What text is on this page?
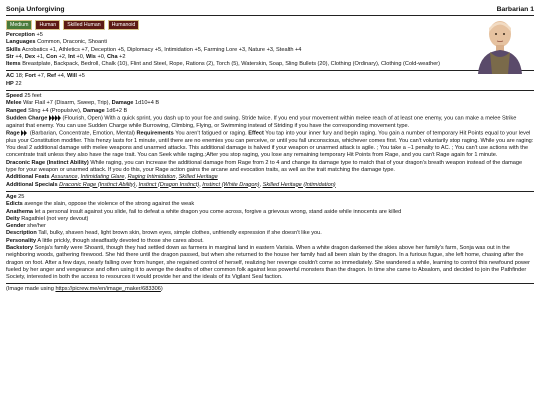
Sonja Unforgiving	Barbarian 1
Medium	Human	Skilled Human	Humanoid

Perception +5

Languages Common, Draconic, Shoanti

Skills Acrobatics +1, Athletics +7, Deception +5, Diplomacy +5, Intimidation +5, Farming Lore +3, Nature +3, Stealth +4

Str +4, Dex +1, Con +2, Int +0, Wis +0, Cha +2

Items Breastplate, Backpack, Bedroll, Chalk (10), Flint and Steel, Rope, Rations (2), Torch (5), Waterskin, Soap, Sling Bullets (20), Clothing (Ordinary), Clothing (Cold-weather)

AC 18; Fort +7, Ref +4, Will +5

HP 22

Speed 25 feet

Melee War Flail +7 (Disarm, Sweep, Trip), Damage 1d10+4 B

Ranged Sling +4 (Propulsive), Damage 1d6+2 B

Sudden Charge	(Flourish, Open) With a quick sprint, you dash up to your foe and swing. Stride twice. If you end your movement within melee reach of at least one enemy, you can make a melee Strike against that enemy. You can use Sudden Charge while Burrowing, Climbing, Flying, or Swimming instead of Striding if you have the corresponding movement type.

Rage (Barbarian, Concentrate, Emotion, Mental) Requirements You aren't fatigued or raging. Effect You tap into your inner fury and begin raging. You gain a number of temporary Hit Points equal to your level plus your Constitution modifier. This frenzy lasts for 1 minute, until there are no enemies you can perceive, or until you fall unconscious, whichever comes first. You can't voluntarily stop raging. While you are raging: You deal 2 additional damage with melee weapons and unarmed attacks. This additional damage is halved if your weapon or unarmed attack is agile. ; You take a −1 penalty to AC. ; You can't use actions with the concentrate trait unless they also have the rage trait. You can Seek while raging.;After you stop raging, you lose any remaining temporary Hit Points from Rage, and you can't Rage again for 1 minute.

Draconic Rage (Instinct Ability) While raging, you can increase the additional damage from Rage from 2 to 4 and change its damage type to match that of your dragon's breath weapon instead of the damage type for your weapon or unarmed attack. If you do this, your Rage action gains the arcane and evocation traits, as well as the trait matching the damage type.

Additional Feats Assurance, Intimidating Glare, Raging Intimidation, Skilled Heritage

Additional Specials Draconic Rage (Instinct Ability), Instinct (Dragon Instinct), Instinct (White Dragon), Skilled Heritage (Intimidation)

Age 25

Edicts avenge the slain, oppose the violence of the strong against the weak

Anathema let a personal insult against you slide, fail to defeat a white dragon you come across, forgive a grievous wrong, stand aside while innocents are killed

Deity Ragathiel (not very devout)

Gender she/her

Description Tall, bulky, shaven head, light brown skin, brown eyes, simple clothes, unfriendly expression if she doesn't like you.

Personality A little prickly, though steadfastly devoted to those she cares about.

Backstory Sonja's family were Shoanti, though they had settled down as farmers in marginal land in eastern Varisia. When a white dragon darkened the skies above her family's farm, Sonja was out in the neighboring woods, gathering firewood. She hid there until the dragon passed, but when she returned to the house her family had all been slain by the dragon. In a furious fugue, she left home, chasing after the dragon on foot. After a few days, nearly falling over from hunger, she regained control of herself, realizing her revenge couldn't come so immediately. She wandered a while, learning to control this newfound power fueled by her anger and vengeance and often using it to avenge the deaths of other common folk against less powerful monsters than the dragon. In time she came to Absalom, and decided to join the Pathfinder Society, interested in both the access to resources it would provide her and the ideals of its Vigilant Seal faction.

(Image made using https://picrew.me/en/image_maker/683306)
